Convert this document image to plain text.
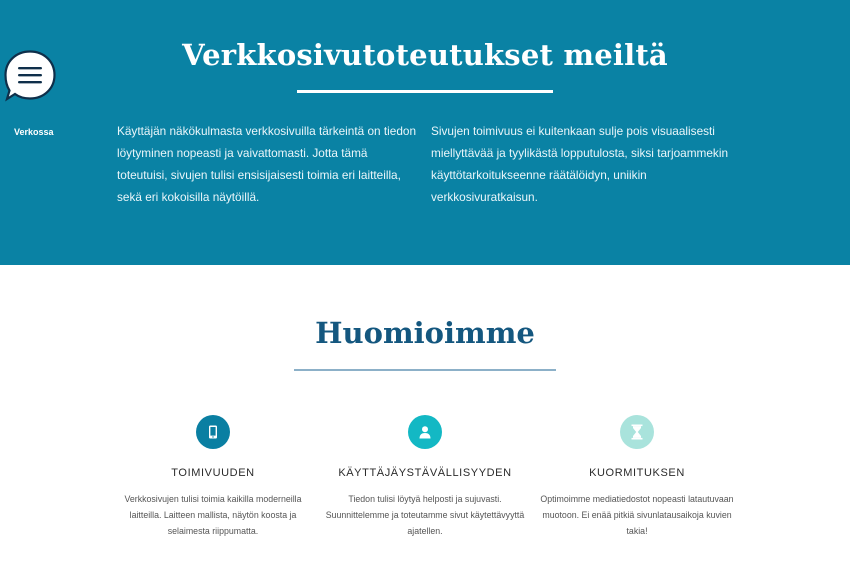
Verkkosivutoteutukset meiltä

Käyttäjän näkökulmasta verkkosivuilla tärkeintä on tiedon löytyminen nopeasti ja vaivattomasti. Jotta tämä toteutuisi, sivujen tulisi ensisijaisesti toimia eri laitteilla, sekä eri kokoisilla näytöillä.

Sivujen toimivuus ei kuitenkaan sulje pois visuaalisesti miellyttävää ja tyylikästä lopputulosta, siksi tarjoammekin käyttötarkoitukseenne räätälöidyn, uniikin verkkosivuratkaisun.

Verkossa
Huomioimme
TOIMIVUUDEN

Verkkosivujen tulisi toimia kaikilla moderneilla laitteilla. Laitteen mallista, näytön koosta ja selaimesta riippumatta.

KÄYTTÄJÄYSTÄVÄLLISYYDEN

Tiedon tulisi löytyä helposti ja sujuvasti. Suunnittelemme ja toteutamme sivut käytettävyyttä ajatellen.

KUORMITUKSEN

Optimoimme mediatiedostot nopeasti latautuvaan muotoon. Ei enää pitkiä sivunlatausaikoja kuvien takia!
